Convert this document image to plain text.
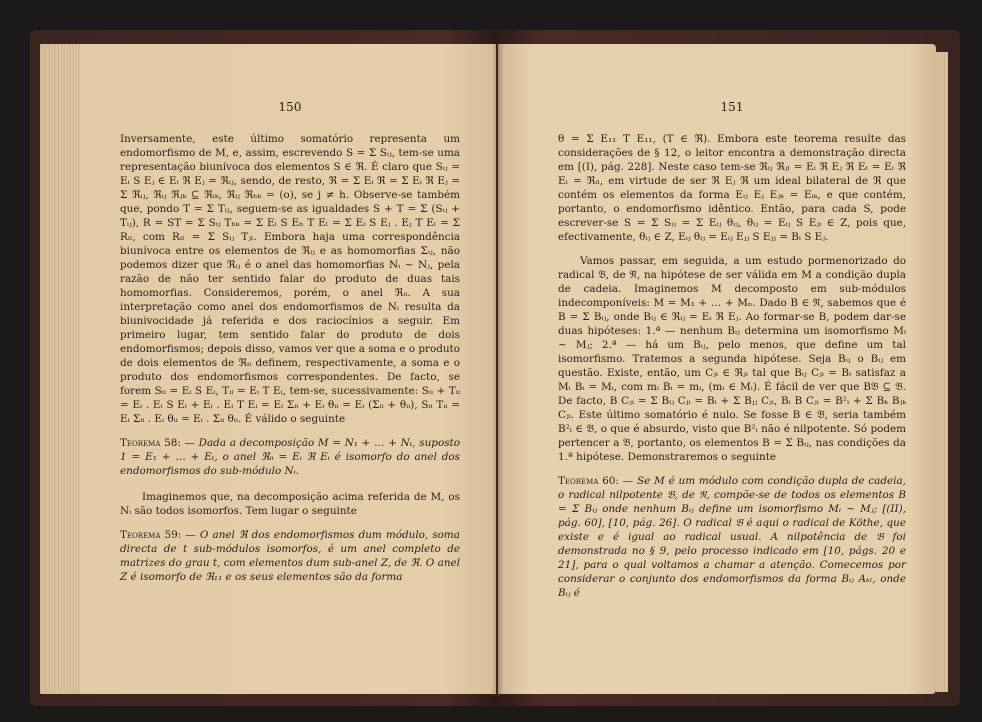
150

Inversamente, este último somatório representa um endomorfismo de M, e, assim, escrevendo S = Σ Sᵢⱼ, tem-se uma representação biunívoca dos elementos S ∈ ℜ. É claro que Sᵢⱼ = Eᵢ S Eⱼ ∈ Eᵢ ℜ Eⱼ = ℜᵢⱼ, sendo, de resto, ℜ = Σ Eᵢ ℜ = Σ Eᵢ ℜ Eⱼ = Σ ℜᵢⱼ, ℜᵢⱼ ℜⱼₖ ⊆ ℜᵢₖ, ℜᵢⱼ ℜₕₖ = (o), se j ≠ h. Observe-se também que, pondo T = Σ Tᵢⱼ, seguem-se as igualdades S + T = Σ (Sᵢⱼ + Tᵢⱼ), R = ST = Σ Sᵢⱼ Tₕₖ = Σ Eᵢ S Eₕ T Eₗ = Σ Eᵢ S Eⱼ . Eⱼ T Eₗ = Σ Rᵢₗ, com Rᵢₗ = Σ Sᵢⱼ Tⱼₗ. Embora haja uma correspondência biunívoca entre os elementos de ℜᵢⱼ e as homomorfias Σᵢⱼ, não podemos dizer que ℜᵢⱼ é o anel das homomorfias Nᵢ ~ Nⱼ, pela razão de não ter sentido falar do produto de duas tais homomorfias. Consideremos, porém, o anel ℜᵢᵢ. A sua interpretação como anel dos endomorfismos de Nᵢ resulta da biunivocidade já referida e dos raciocínios a seguir. Em primeiro lugar, tem sentido falar do produto de dois endomorfismos; depois disso, vamos ver que a soma e o produto de dois elementos de ℜᵢᵢ definem, respectivamente, a soma e o produto dos endomorfismos correspondentes. De facto, se forem Sᵢᵢ = Eᵢ S Eᵢ, Tᵢᵢ = Eᵢ T Eᵢ, tem-se, sucessivamente: Sᵢᵢ + Tᵢᵢ = Eᵢ . Eᵢ S Eᵢ + Eᵢ . Eᵢ T Eᵢ = Eᵢ Σᵢᵢ + Eᵢ θᵢᵢ = Eᵢ (Σᵢᵢ + θᵢᵢ), Sᵢᵢ Tᵢᵢ = Eᵢ Σᵢᵢ . Eᵢ θᵢᵢ = Eᵢ . Σᵢᵢ θᵢᵢ. É válido o seguinte

Teorema 58: — Dada a decomposição M = N₁ + … + Nₜ, suposto 1 = E₁ + … + Eₜ, o anel ℜᵢᵢ = Eᵢ ℜ Eᵢ é isomorfo do anel dos endomorfismos do sub-módulo Nᵢ.

Imaginemos que, na decomposição acima referida de M, os Nᵢ são todos isomorfos. Tem lugar o seguinte

Teorema 59: — O anel ℜ dos endomorfismos dum módulo, soma directa de t sub-módulos isomorfos, é um anel completo de matrizes do grau t, com elementos dum sub-anel Z, de ℜ. O anel Z é isomorfo de ℜ₁₁ e os seus elementos são da forma
151

θ = Σ E₁₁ T E₁₁, (T ∈ ℜ). Embora este teorema resulte das considerações de § 12, o leitor encontra a demonstração directa em [(I), pág. 228]. Neste caso tem-se ℜᵢⱼ ℜⱼₗ = Eᵢ ℜ Eⱼ ℜ Eₗ = Eᵢ ℜ Eₗ = ℜᵢₗ, em virtude de ser ℜ Eⱼ ℜ um ideal bilateral de ℜ que contém os elementos da forma Eᵢⱼ Eⱼ Eⱼₖ = Eᵢₖ, e que contém, portanto, o endomorfismo idêntico. Então, para cada S, pode escrever-se S = Σ Sᵢⱼ = Σ Eᵢⱼ θᵢⱼ, θᵢⱼ = Eᵢⱼ S Eⱼᵢ ∈ Z, pois que, efectivamente, θᵢⱼ ∈ Z, Eᵢⱼ θᵢⱼ = Eᵢⱼ Eⱼⱼ S Eⱼⱼ = Bᵢ S Eⱼ.

Vamos passar, em seguida, a um estudo pormenorizado do radical 𝔅, de ℜ, na hipótese de ser válida em M a condição dupla de cadeia. Imaginemos M decomposto em sub-módulos indecomponíveis: M = M₁ + … + Mₙ. Dado B ∈ ℜ, sabemos que é B = Σ Bᵢⱼ, onde Bᵢⱼ ∈ ℜᵢⱼ = Eᵢ ℜ Eⱼ. Ao formar-se B, podem dar-se duas hipóteses: 1.ª — nenhum Bᵢⱼ determina um isomorfismo Mᵢ ~ Mⱼ; 2.ª — há um Bᵢⱼ, pelo menos, que define um tal isomorfismo. Tratemos a segunda hipótese. Seja Bᵢⱼ o Bᵢⱼ em questão. Existe, então, um Cⱼᵢ ∈ ℜⱼᵢ tal que Bᵢⱼ Cⱼᵢ = Bᵢ satisfaz a Mᵢ Bᵢ = Mᵢ, com mᵢ Bᵢ = mᵢ, (mᵢ ∈ Mᵢ). É fácil de ver que B𝔅 ⊆ 𝔅. De facto, B Cⱼᵢ = Σ Bᵢⱼ Cⱼᵢ = Bᵢ + Σ Bⱼⱼ Cⱼᵢ, Bᵢ B Cⱼᵢ = B²ᵢ + Σ Bₖ Bⱼₖ Cⱼᵢ. Este último somatório é nulo. Se fosse B ∈ 𝔅, seria também B²ᵢ ∈ 𝔅, o que é absurdo, visto que B²ᵢ não é nilpotente. Só podem pertencer a 𝔅, portanto, os elementos B = Σ Bᵢⱼ, nas condições da 1.ª hipótese. Demonstraremos o seguinte

Teorema 60: — Se M é um módulo com condição dupla de cadeia, o radical nilpotente 𝔅, de ℜ, compõe-se de todos os elementos B = Σ Bᵢⱼ onde nenhum Bᵢⱼ define um isomorfismo Mᵢ ~ Mⱼ; [(II), pág. 60], [10, pág. 26]. O radical 𝔅 é aqui o radical de Köthe, que existe e é igual ao radical usual. A nilpotência de 𝔅 foi demonstrada no § 9, pelo processo indicado em [10, págs. 20 e 21], para o qual voltamos a chamar a atenção. Comecemos por considerar o conjunto dos endomorfismos da forma Bᵢⱼ Aₖₗ, onde Bᵢⱼ é
